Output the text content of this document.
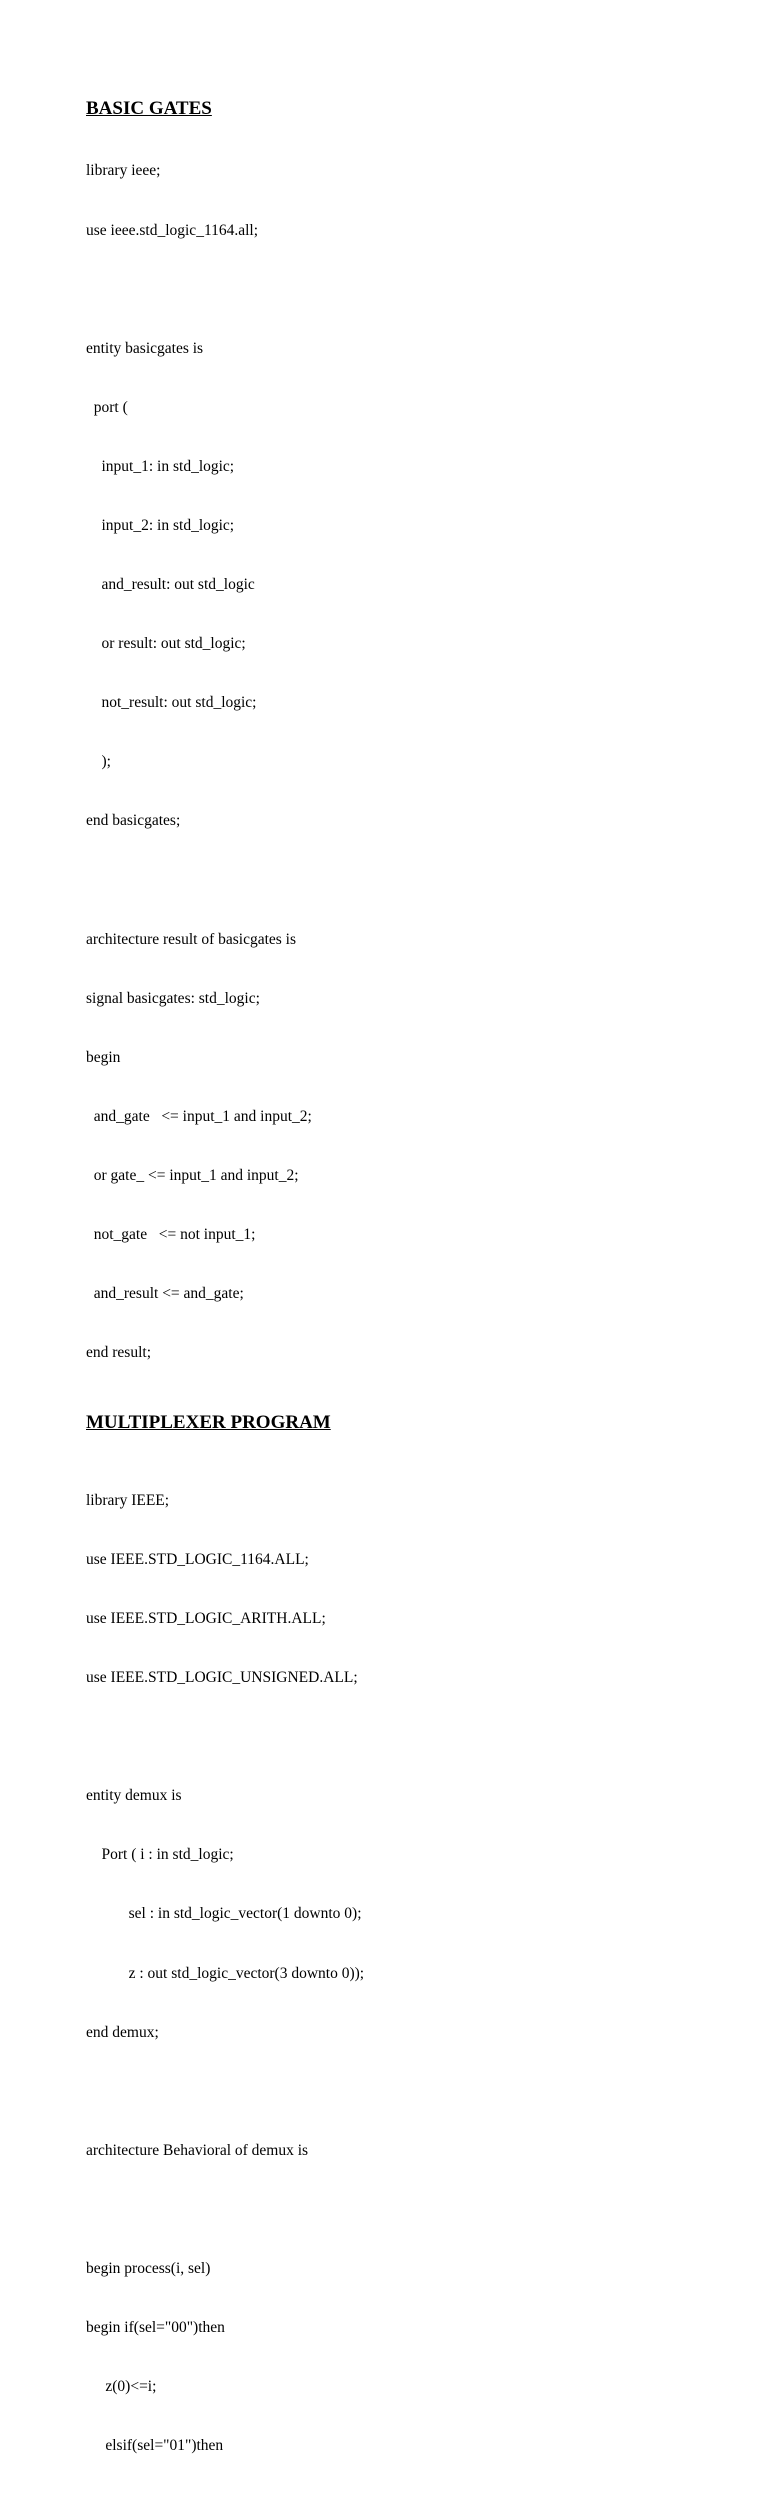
BASIC GATES

library ieee;

use ieee.std_logic_1164.all;

entity basicgates is

port (

input_1: in std_logic;

input_2: in std_logic;

and_result: out std_logic

or result: out std_logic;

not_result: out std_logic;

);

end basicgates;

architecture result of basicgates is

signal basicgates: std_logic;

begin

and_gate   <= input_1 and input_2;

or gate_ <= input_1 and input_2;

not_gate   <= not input_1;

and_result <= and_gate;

end result;

MULTIPLEXER PROGRAM

library IEEE;

use IEEE.STD_LOGIC_1164.ALL;

use IEEE.STD_LOGIC_ARITH.ALL;

use IEEE.STD_LOGIC_UNSIGNED.ALL;

entity demux is

Port ( i : in std_logic;

sel : in std_logic_vector(1 downto 0);

z : out std_logic_vector(3 downto 0));

end demux;

architecture Behavioral of demux is

begin process(i, sel)

begin if(sel="00")then

z(0)<=i;

elsif(sel="01")then
